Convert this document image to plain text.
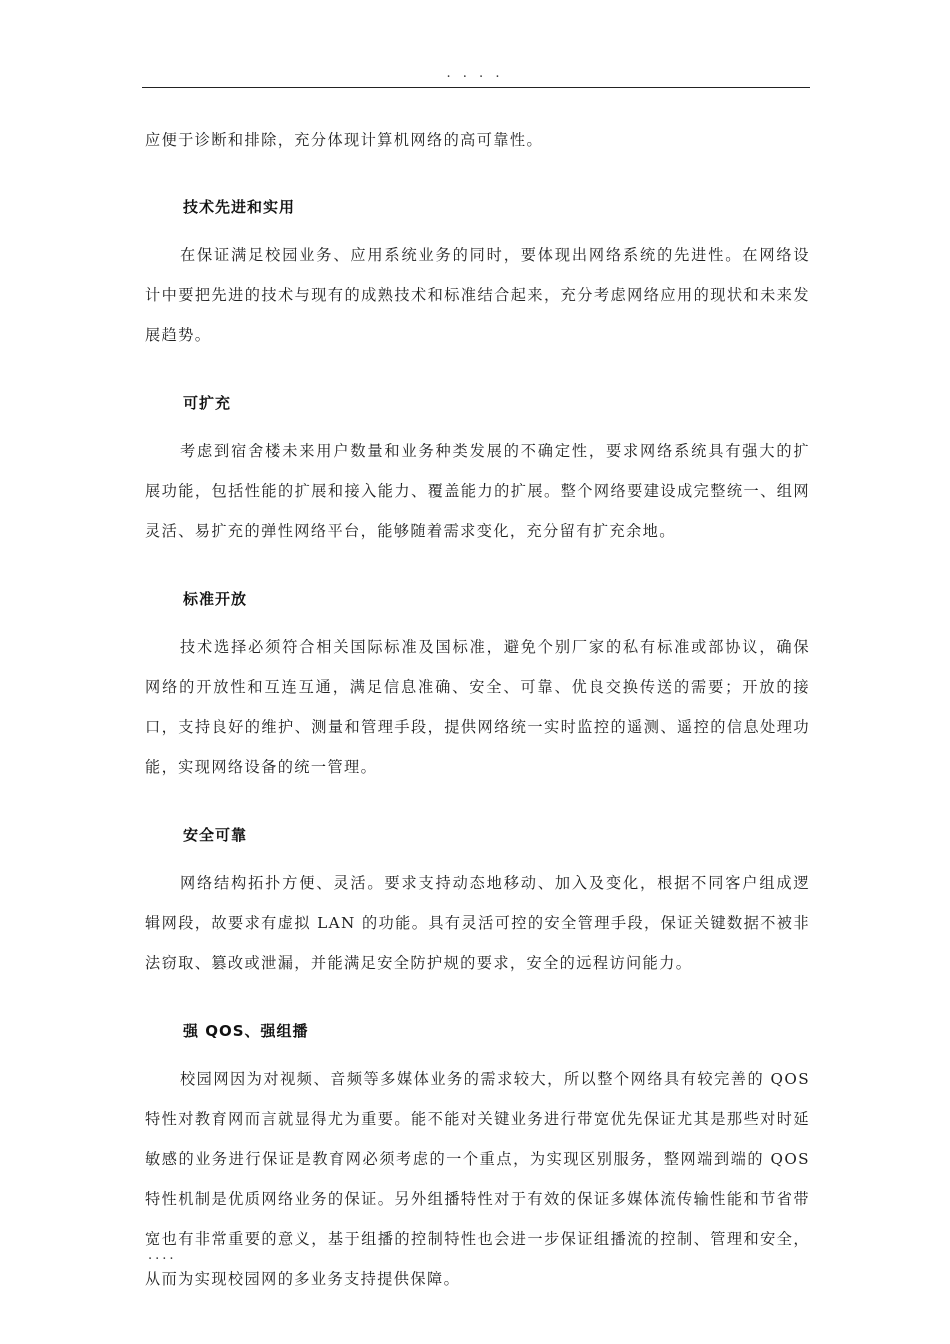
. . . .

应便于诊断和排除，充分体现计算机网络的高可靠性。

技术先进和实用

在保证满足校园业务、应用系统业务的同时，要体现出网络系统的先进性。在网络设计中要把先进的技术与现有的成熟技术和标准结合起来，充分考虑网络应用的现状和未来发展趋势。

可扩充

考虑到宿舍楼未来用户数量和业务种类发展的不确定性，要求网络系统具有强大的扩展功能，包括性能的扩展和接入能力、覆盖能力的扩展。整个网络要建设成完整统一、组网灵活、易扩充的弹性网络平台，能够随着需求变化，充分留有扩充余地。

标准开放

技术选择必须符合相关国际标准及国标准，避免个别厂家的私有标准或部协议，确保网络的开放性和互连互通，满足信息准确、安全、可靠、优良交换传送的需要；开放的接口，支持良好的维护、测量和管理手段，提供网络统一实时监控的遥测、遥控的信息处理功能，实现网络设备的统一管理。

安全可靠

网络结构拓扑方便、灵活。要求支持动态地移动、加入及变化，根据不同客户组成逻辑网段，故要求有虚拟 LAN 的功能。具有灵活可控的安全管理手段，保证关键数据不被非法窃取、篡改或泄漏，并能满足安全防护规的要求，安全的远程访问能力。

强 QOS、强组播

校园网因为对视频、音频等多媒体业务的需求较大，所以整个网络具有较完善的 QOS 特性对教育网而言就显得尤为重要。能不能对关键业务进行带宽优先保证尤其是那些对时延敏感的业务进行保证是教育网必须考虑的一个重点，为实现区别服务，整网端到端的 QOS 特性机制是优质网络业务的保证。另外组播特性对于有效的保证多媒体流传输性能和节省带宽也有非常重要的意义，基于组播的控制特性也会进一步保证组播流的控制、管理和安全，从而为实现校园网的多业务支持提供保障。

....
